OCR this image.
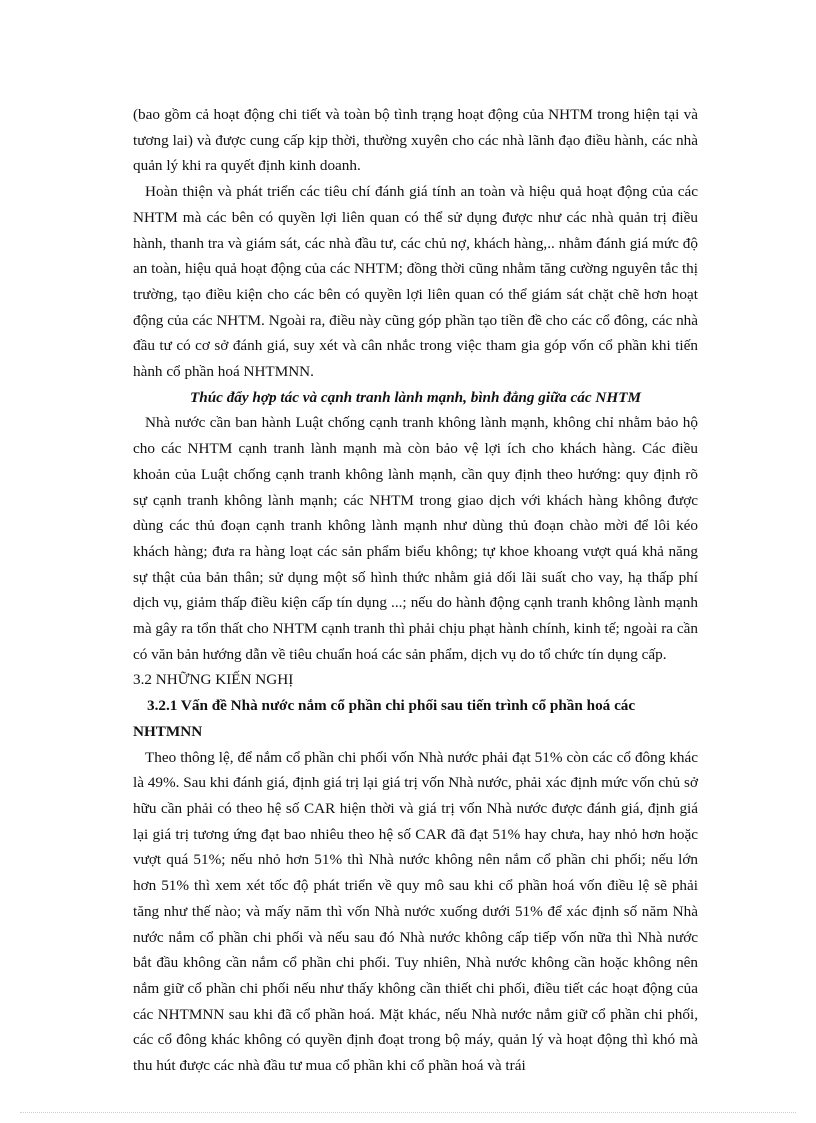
(bao gồm cả hoạt động chi tiết và toàn bộ tình trạng hoạt động của NHTM trong hiện tại và tương lai) và được cung cấp kịp thời, thường xuyên cho các nhà lãnh đạo điều hành, các nhà quản lý khi ra quyết định kinh doanh.

Hoàn thiện và phát triển các tiêu chí đánh giá tính an toàn và hiệu quả hoạt động của các NHTM mà các bên có quyền lợi liên quan có thể sử dụng được như các nhà quản trị điều hành, thanh tra và giám sát, các nhà đầu tư, các chủ nợ, khách hàng,.. nhằm đánh giá mức độ an toàn, hiệu quả hoạt động của các NHTM; đồng thời cũng nhằm tăng cường nguyên tắc thị trường, tạo điều kiện cho các bên có quyền lợi liên quan có thể giám sát chặt chẽ hơn hoạt động của các NHTM. Ngoài ra, điều này cũng góp phần tạo tiền đề cho các cổ đông, các nhà đầu tư có cơ sở đánh giá, suy xét và cân nhắc trong việc tham gia góp vốn cổ phần khi tiến hành cổ phần hoá NHTMNN.

Thúc đẩy hợp tác và cạnh tranh lành mạnh, bình đẳng giữa các NHTM

Nhà nước cần ban hành Luật chống cạnh tranh không lành mạnh, không chỉ nhằm bảo hộ cho các NHTM cạnh tranh lành mạnh mà còn bảo vệ lợi ích cho khách hàng. Các điều khoản của Luật chống cạnh tranh không lành mạnh, cần quy định theo hướng: quy định rõ sự cạnh tranh không lành mạnh; các NHTM trong giao dịch với khách hàng không được dùng các thủ đoạn cạnh tranh không lành mạnh như dùng thủ đoạn chào mời để lôi kéo khách hàng; đưa ra hàng loạt các sản phẩm biểu không; tự khoe khoang vượt quá khả năng sự thật của bản thân; sử dụng một số hình thức nhằm giả dối lãi suất cho vay, hạ thấp phí dịch vụ, giảm thấp điều kiện cấp tín dụng ...; nếu do hành động cạnh tranh không lành mạnh mà gây ra tổn thất cho NHTM cạnh tranh thì phải chịu phạt hành chính, kinh tế; ngoài ra cần có văn bản hướng dẫn về tiêu chuẩn hoá các sản phẩm, dịch vụ do tổ chức tín dụng cấp.

3.2 NHỮNG KIẾN NGHỊ

3.2.1 Vấn đề Nhà nước nắm cổ phần chi phối sau tiến trình cổ phần hoá các NHTMNN

Theo thông lệ, để nắm cổ phần chi phối vốn Nhà nước phải đạt 51% còn các cổ đông khác là 49%. Sau khi đánh giá, định giá trị lại giá trị vốn Nhà nước, phải xác định mức vốn chủ sở hữu cần phải có theo hệ số CAR hiện thời và giá trị vốn Nhà nước được đánh giá, định giá lại giá trị tương ứng đạt bao nhiêu theo hệ số CAR đã đạt 51% hay chưa, hay nhỏ hơn hoặc vượt quá 51%; nếu nhỏ hơn 51% thì Nhà nước không nên nắm cổ phần chi phối; nếu lớn hơn 51% thì xem xét tốc độ phát triển về quy mô sau khi cổ phần hoá vốn điều lệ sẽ phải tăng như thế nào; và mấy năm thì vốn Nhà nước xuống dưới 51% để xác định số năm Nhà nước nắm cổ phần chi phối và nếu sau đó Nhà nước không cấp tiếp vốn nữa thì Nhà nước bắt đầu không cần nắm cổ phần chi phối. Tuy nhiên, Nhà nước không cần hoặc không nên nắm giữ cổ phần chi phối nếu như thấy không cần thiết chi phối, điều tiết các hoạt động của các NHTMNN sau khi đã cổ phần hoá. Mặt khác, nếu Nhà nước nắm giữ cổ phần chi phối, các cổ đông khác không có quyền định đoạt trong bộ máy, quản lý và hoạt động thì khó mà thu hút được các nhà đầu tư mua cổ phần khi cổ phần hoá và trái
